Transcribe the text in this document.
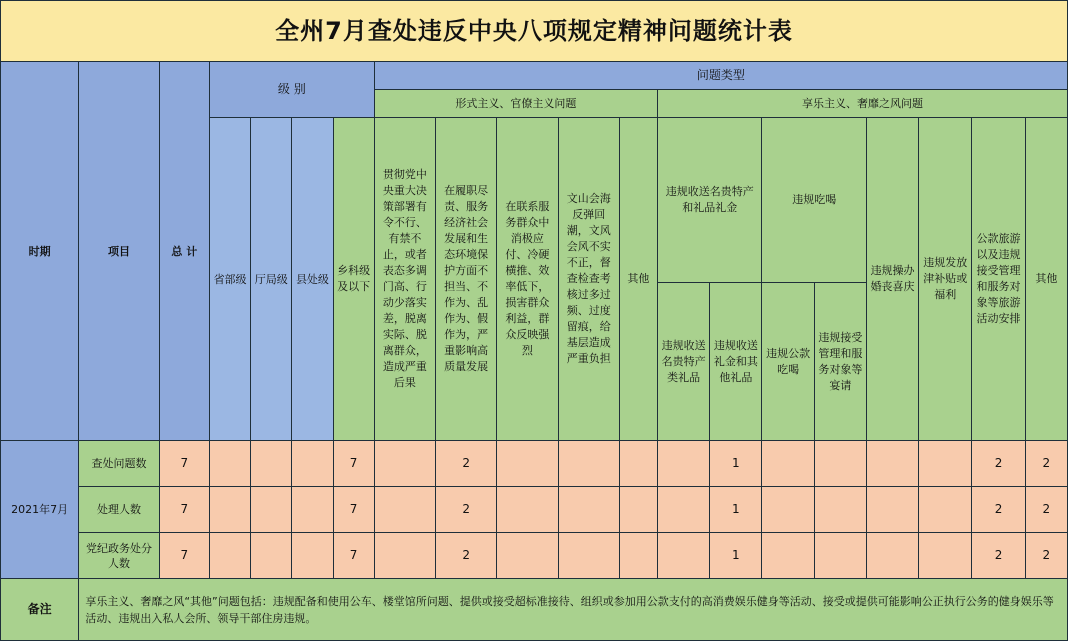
全州7月查处违反中央八项规定精神问题统计表																			
时期	项目	总 计	级 别				问题类型												
							形式主义、官僚主义问题					享乐主义、奢靡之风问题							
			省部级	厅局级	县处级	乡科级及以下	贯彻党中央重大决策部署有令不行、有禁不止，或者表态多调门高、行动少落实差，脱离实际、脱离群众，造成严重后果	在履职尽责、服务经济社会发展和生态环境保护方面不担当、不作为、乱作为、假作为，严重影响高质量发展	在联系服务群众中消极应付、冷硬横推、效率低下，损害群众利益，群众反映强烈	文山会海反弹回潮，文风会风不实不正，督查检查考核过多过频、过度留痕，给基层造成严重负担	其他	违规收送名贵特产和礼品礼金		违规吃喝		违规操办婚丧喜庆	违规发放津补贴或福利	公款旅游以及违规接受管理和服务对象等旅游活动安排	其他
												违规收送名贵特产类礼品	违规收送礼金和其他礼品	违规公款吃喝	违规接受管理和服务对象等宴请				
2021年7月	查处问题数	7				7		2					1					2	2
	处理人数	7				7		2					1					2	2
	党纪政务处分人数	7				7		2					1					2	2
备注	享乐主义、奢靡之风“其他”问题包括：违规配备和使用公车、楼堂馆所问题、提供或接受超标准接待、组织或参加用公款支付的高消费娱乐健身等活动、接受或提供可能影响公正执行公务的健身娱乐等活动、违规出入私人会所、领导干部住房违规。																		
